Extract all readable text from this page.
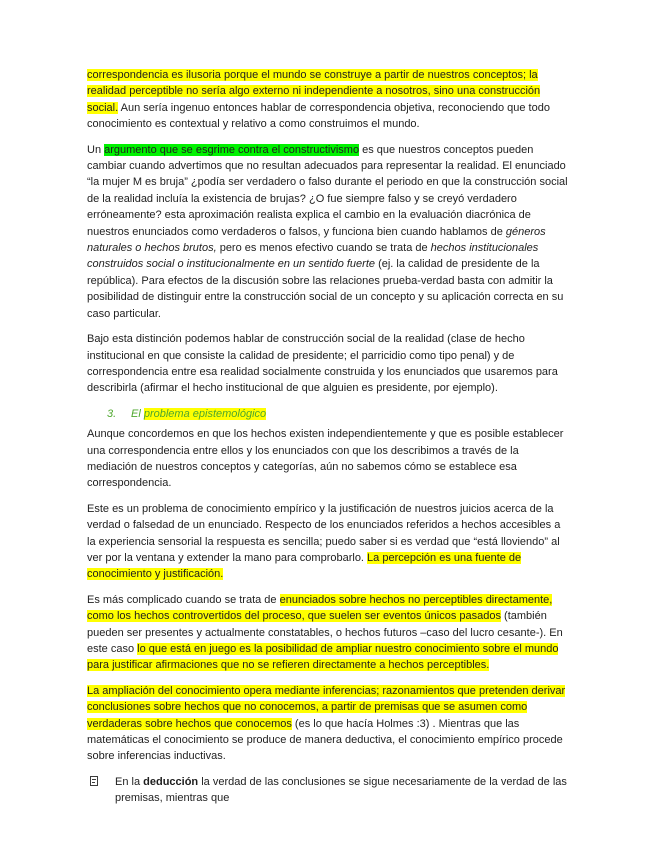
correspondencia es ilusoria porque el mundo se construye a partir de nuestros conceptos; la realidad perceptible no sería algo externo ni independiente a nosotros, sino una construcción social. Aun sería ingenuo entonces hablar de correspondencia objetiva, reconociendo que todo conocimiento es contextual y relativo a como construimos el mundo.

Un argumento que se esgrime contra el constructivismo es que nuestros conceptos pueden cambiar cuando advertimos que no resultan adecuados para representar la realidad. El enunciado “la mujer M es bruja” ¿podía ser verdadero o falso durante el periodo en que la construcción social de la realidad incluía la existencia de brujas? ¿O fue siempre falso y se creyó verdadero erróneamente? esta aproximación realista explica el cambio en la evaluación diacrónica de nuestros enunciados como verdaderos o falsos, y funciona bien cuando hablamos de géneros naturales o hechos brutos, pero es menos efectivo cuando se trata de hechos institucionales construidos social o institucionalmente en un sentido fuerte (ej. la calidad de presidente de la república). Para efectos de la discusión sobre las relaciones prueba-verdad basta con admitir la posibilidad de distinguir entre la construcción social de un concepto y su aplicación correcta en su caso particular.

Bajo esta distinción podemos hablar de construcción social de la realidad (clase de hecho institucional en que consiste la calidad de presidente; el parricidio como tipo penal) y de correspondencia entre esa realidad socialmente construida y los enunciados que usaremos para describirla (afirmar el hecho institucional de que alguien es presidente, por ejemplo).

3. El problema epistemológico

Aunque concordemos en que los hechos existen independientemente y que es posible establecer una correspondencia entre ellos y los enunciados con que los describimos a través de la mediación de nuestros conceptos y categorías, aún no sabemos cómo se establece esa correspondencia.

Este es un problema de conocimiento empírico y la justificación de nuestros juicios acerca de la verdad o falsedad de un enunciado. Respecto de los enunciados referidos a hechos accesibles a la experiencia sensorial la respuesta es sencilla; puedo saber si es verdad que “está lloviendo” al ver por la ventana y extender la mano para comprobarlo. La percepción es una fuente de conocimiento y justificación.

Es más complicado cuando se trata de enunciados sobre hechos no perceptibles directamente, como los hechos controvertidos del proceso, que suelen ser eventos únicos pasados (también pueden ser presentes y actualmente constatables, o hechos futuros –caso del lucro cesante-). En este caso lo que está en juego es la posibilidad de ampliar nuestro conocimiento sobre el mundo para justificar afirmaciones que no se refieren directamente a hechos perceptibles.

La ampliación del conocimiento opera mediante inferencias; razonamientos que pretenden derivar conclusiones sobre hechos que no conocemos, a partir de premisas que se asumen como verdaderas sobre hechos que conocemos (es lo que hacía Holmes :3) . Mientras que las matemáticas el conocimiento se produce de manera deductiva, el conocimiento empírico procede sobre inferencias inductivas.

En la deducción la verdad de las conclusiones se sigue necesariamente de la verdad de las premisas, mientras que
